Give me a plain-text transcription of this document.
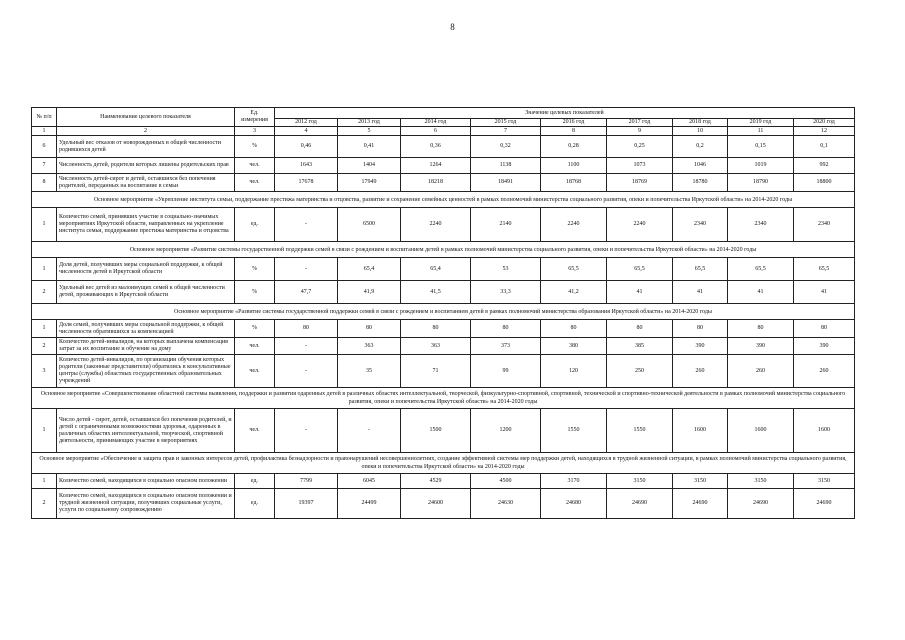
8
№ п/п	Наименование целевого показателя	Ед. измерения	Значение целевых показателей								
			2012 год	2013 год	2014 год	2015 год	2016 год	2017 год	2018 год	2019 год	2020 год
1	2	3	4	5	6	7	8	9	10	11	12
6	Удельный вес отказов от новорожденных в общей численности родившихся детей	%	0,46	0,41	0,36	0,32	0,28	0,25	0,2	0,15	0,1
7	Численность детей, родители которых лишены родительских прав	чел.	1643	1404	1264	1138	1100	1073	1046	1019	992
8	Численность детей-сирот и детей, оставшихся без попечения родителей, переданных на воспитание в семьи	чел.	17678	17949	18218	18491	18768	18769	18780	18790	18800
Основное мероприятие «Укрепление института семьи, поддержание престижа материнства и отцовства, развитие и сохранение семейных ценностей в рамках полномочий министерства социального развития, опеки и попечительства Иркутской области» на 2014-2020 годы											
1	Количество семей, принявших участие в социально-значимых мероприятиях Иркутской области, направленных на укрепление института семьи, поддержание престижа материнства и отцовства	ед.	-	6500	2240	2140	2240	2240	2340	2340	2340
Основное мероприятие «Развитие системы государственной поддержки семей в связи с рождением и воспитанием детей в рамках полномочий министерства социального развития, опеки и попечительства Иркутской области» на 2014-2020 годы											
1	Доля детей, получивших меры социальной поддержки, к общей численности детей в Иркутской области	%	-	65,4	65,4	53	65,5	65,5	65,5	65,5	65,5
2	Удельный вес детей из малоимущих семей к общей численности детей, проживающих в Иркутской области	%	47,7	41,9	41,5	33,3	41,2	41	41	41	41
Основное мероприятие «Развитие системы государственной поддержки семей в связи с рождением и воспитанием детей в рамках полномочий министерства образования Иркутской области» на 2014-2020 годы											
1	Доля семей, получивших меры социальной поддержки, к общей численности обратившихся за компенсацией	%	80	80	80	80	80	80	80	80	80
2	Количество детей-инвалидов, на которых выплачена компенсация затрат за их воспитание и обучение на дому	чел.	-	363	363	373	380	385	390	390	390
3	Количество детей-инвалидов, по организации обучения которых родители (законные представители) обратились в консультативные центры (службы) областных государственных образовательных учреждений	чел.	-	35	71	99	120	250	260	260	260
Основное мероприятие «Совершенствование областной системы выявления, поддержки и развития одаренных детей в различных областях интеллектуальной, творческой, физкультурно-спортивной, спортивной, технической и спортивно-технической деятельности в рамках полномочий министерства социального развития, опеки и попечительства Иркутской области» на 2014-2020 годы											
1	Число детей - сирот, детей, оставшихся без попечения родителей, и детей с ограниченными возможностями здоровья, одаренных в различных областях интеллектуальной, творческой, спортивной деятельности, принимающих участие в мероприятиях	чел.	-	-	1500	1200	1550	1550	1600	1600	1600
Основное мероприятие «Обеспечение и защита прав и законных интересов детей, профилактика безнадзорности и правонарушений несовершеннолетних, создание эффективной системы мер поддержки детей, находящихся в трудной жизненной ситуации, в рамках полномочий министерства социального развития, опеки и попечительства Иркутской области» на 2014-2020 годы											
1	Количество семей, находящихся в социально опасном положении	ед.	7799	6045	4529	4500	3170	3150	3150	3150	3150
2	Количество семей, находящихся в социально опасном положении и трудной жизненной ситуации, получивших социальные услуги, услуги по социальному сопровождению	ед.	19397	24499	24600	24630	24680	24690	24690	24690	24690
